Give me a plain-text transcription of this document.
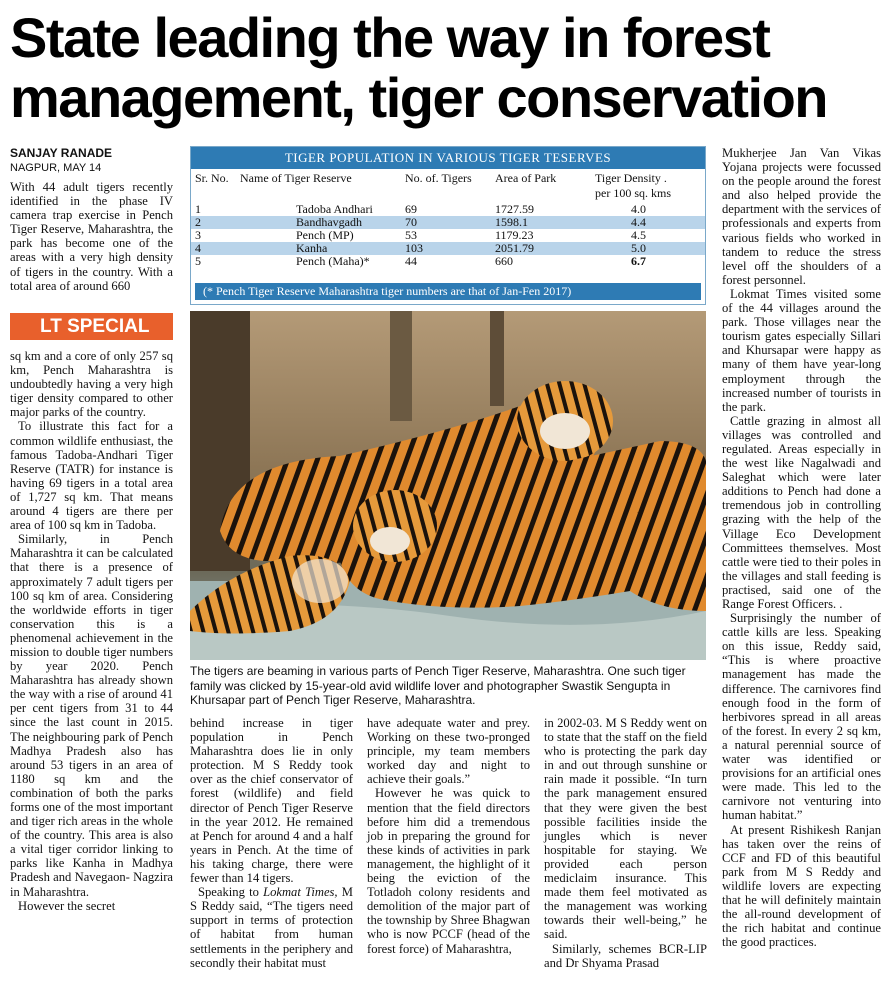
State leading the way in forest
management, tiger conservation
SANJAY RANADE
NAGPUR, MAY 14

With 44 adult tigers recently identified in the phase IV camera trap exercise in Pench Tiger Reserve, Maharashtra, the park has become one of the areas with a very high density of tigers in the country. With a total area of around 660

LT SPECIAL

sq km and a core of only 257 sq km, Pench Maharashtra is undoubtedly having a very high tiger density compared to other major parks of the country.

To illustrate this fact for a common wildlife enthusiast, the famous Tadoba-Andhari Tiger Reserve (TATR) for instance is having 69 tigers in a total area of 1,727 sq km. That means around 4 tigers are there per area of 100 sq km in Tadoba.

Similarly, in Pench Maharashtra it can be calculated that there is a presence of approximately 7 adult tigers per 100 sq km of area. Considering the worldwide efforts in tiger conservation this is a phenomenal achievement in the mission to double tiger numbers by year 2020. Pench Maharashtra has already shown the way with a rise of around 41 per cent tigers from 31 to 44 since the last count in 2015. The neighbouring park of Pench Madhya Pradesh also has around 53 tigers in an area of 1180 sq km and the combination of both the parks forms one of the most important and tiger rich areas in the whole of the country. This area is also a vital tiger corridor linking to parks like Kanha in Madhya Pradesh and Navegaon- Nagzira in Maharashtra.

However the secret

TIGER POPULATION IN VARIOUS TIGER TESERVES
Sr. No.	Name of Tiger Reserve	No. of. Tigers	Area of Park	Tiger Density .
per 100 sq. kms
1	Tadoba Andhari	69	1727.59	4.0
2	Bandhavgadh	70	1598.1	4.4
3	Pench (MP)	53	1179.23	4.5
4	Kanha	103	2051.79	5.0
5	Pench (Maha)*	44	660	6.7
(* Pench Tiger Reserve Maharashtra tiger numbers are that of Jan-Fen 2017)
The tigers are beaming in various parts of Pench Tiger Reserve, Maharashtra. One such tiger family was clicked by 15-year-old avid wildlife lover and photographer Swastik Sengupta in Khursapar part of Pench Tiger Reserve, Maharashtra.

behind increase in tiger population in Pench Maharashtra does lie in only protection. M S Reddy took over as the chief conservator of forest (wildlife) and field director of Pench Tiger Reserve in the year 2012. He remained at Pench for around 4 and a half years in Pench. At the time of his taking charge, there were fewer than 14 tigers.

Speaking to Lokmat Times, M S Reddy said, “The tigers need support in terms of protection of habitat from human settlements in the periphery and secondly their habitat must

have adequate water and prey. Working on these two-pronged principle, my team members worked day and night to achieve their goals.”

However he was quick to mention that the field directors before him did a tremendous job in preparing the ground for these kinds of activities in park management, the highlight of it being the eviction of the Totladoh colony residents and demolition of the major part of the township by Shree Bhagwan who is now PCCF (head of the forest force) of Maharashtra,

in 2002-03. M S Reddy went on to state that the staff on the field who is protecting the park day in and out through sunshine or rain made it possible. “In turn the park management ensured that they were given the best possible facilities inside the jungles which is never hospitable for staying. We provided each person mediclaim insurance. This made them feel motivated as the management was working towards their well-being,” he said.

Similarly, schemes BCR-LIP and Dr Shyama Prasad

Mukherjee Jan Van Vikas Yojana projects were focussed on the people around the forest and also helped provide the department with the services of professionals and experts from various fields who worked in tandem to reduce the stress level off the shoulders of a forest personnel.

Lokmat Times visited some of the 44 villages around the park. Those villages near the tourism gates especially Sillari and Khursapar were happy as many of them have year-long employment through the increased number of tourists in the park.

Cattle grazing in almost all villages was controlled and regulated. Areas especially in the west like Nagalwadi and Saleghat which were later additions to Pench had done a tremendous job in controlling grazing with the help of the Village Eco Development Committees themselves. Most cattle were tied to their poles in the villages and stall feeding is practised, said one of the Range Forest Officers. .

Surprisingly the number of cattle kills are less. Speaking on this issue, Reddy said, “This is where proactive management has made the difference. The carnivores find enough food in the form of herbivores spread in all areas of the forest. In every 2 sq km, a natural perennial source of water was identified or provisions for an artificial ones were made. This led to the carnivore not venturing into human habitat.”

At present Rishikesh Ranjan has taken over the reins of CCF and FD of this beautiful park from M S Reddy and wildlife lovers are expecting that he will definitely maintain the all-round development of the rich habitat and continue the good practices.
